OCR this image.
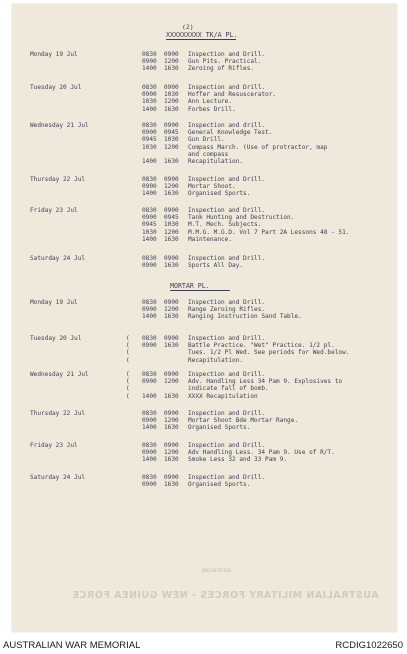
(2)
XXXXXXXXX TK/A PL.
Monday 19 Jul	0830 0900 Inspection and Drill.
0900 1200 Gun Pits. Practical.
1400 1630 Zeroing of Rifles.
Tuesday 20 Jul	0830 0900 Inspection and Drill.
0900 1030 Hoffer and Resuscerator.
1030 1200 Ann Lecture.
1400 1630 Forbes Drill.
Wednesday 21 Jul	0830 0900 Inspection and drill.
0900 0945 General Knowledge Test.
0945 1030 Gun Drill.
1030 1200 Compass March. (Use of protractor, map
and compass
1400 1630 Recapitulation.
Thursday 22 Jul	0830 0900 Inspection and Drill.
0900 1200 Mortar Shoot.
1400 1630 Organised Sports.
Friday 23 Jul	0830 0900 Inspection and Drill.
0900 0945 Tank Hunting and Destruction.
0945 1030 M.T. Mech. Subjects.
1030 1200 M.M.G. M.G.D. Vol 7 Part 2A Lessons 48 - 51.
1400 1630 Maintenance.
Saturday 24 Jul	0830 0900 Inspection and Drill.
0900 1630 Sports All Day.
MORTAR PL.
Monday 19 Jul	0830 0900 Inspection and Drill.
0900 1200 Range Zeroing Rifles.
1400 1630 Ranging Instruction Sand Table.
Tuesday 20 Jul	0830 0900 Inspection and Drill.
0900 1630 Battle Practice. "Wet" Practice. 1/2 pl.
Tues. 1/2 Pl Wed. See periods for Wed.below.
Recapitulation.
(
(
(
(
Wednesday 21 Jul	0830 0900 Inspection and Drill.
0900 1200 Adv. Handling Less 34 Pam 9. Explosives to
indicate fall of bomb.
1400 1630 XXXX Recapitulation
(
(
(
(
Thursday 22 Jul	0830 0900 Inspection and Drill.
0900 1200 Mortar Shoot Bde Mortar Range.
1400 1630 Organised Sports.
Friday 23 Jul	0830 0900 Inspection and Drill.
0900 1200 Adv Handling Less. 34 Pam 9. Use of R/T.
1400 1630 Smoke Less 32 and 33 Pam 9.
Saturday 24 Jul	0830 0900 Inspection and Drill.
0900 1630 Organised Sports.
UNCLASSIFIED
AUSTRALIAN MILITARY FORCES - NEW GUINEA FORCE
AUSTRALIAN WAR MEMORIAL	RCDIG1022650
